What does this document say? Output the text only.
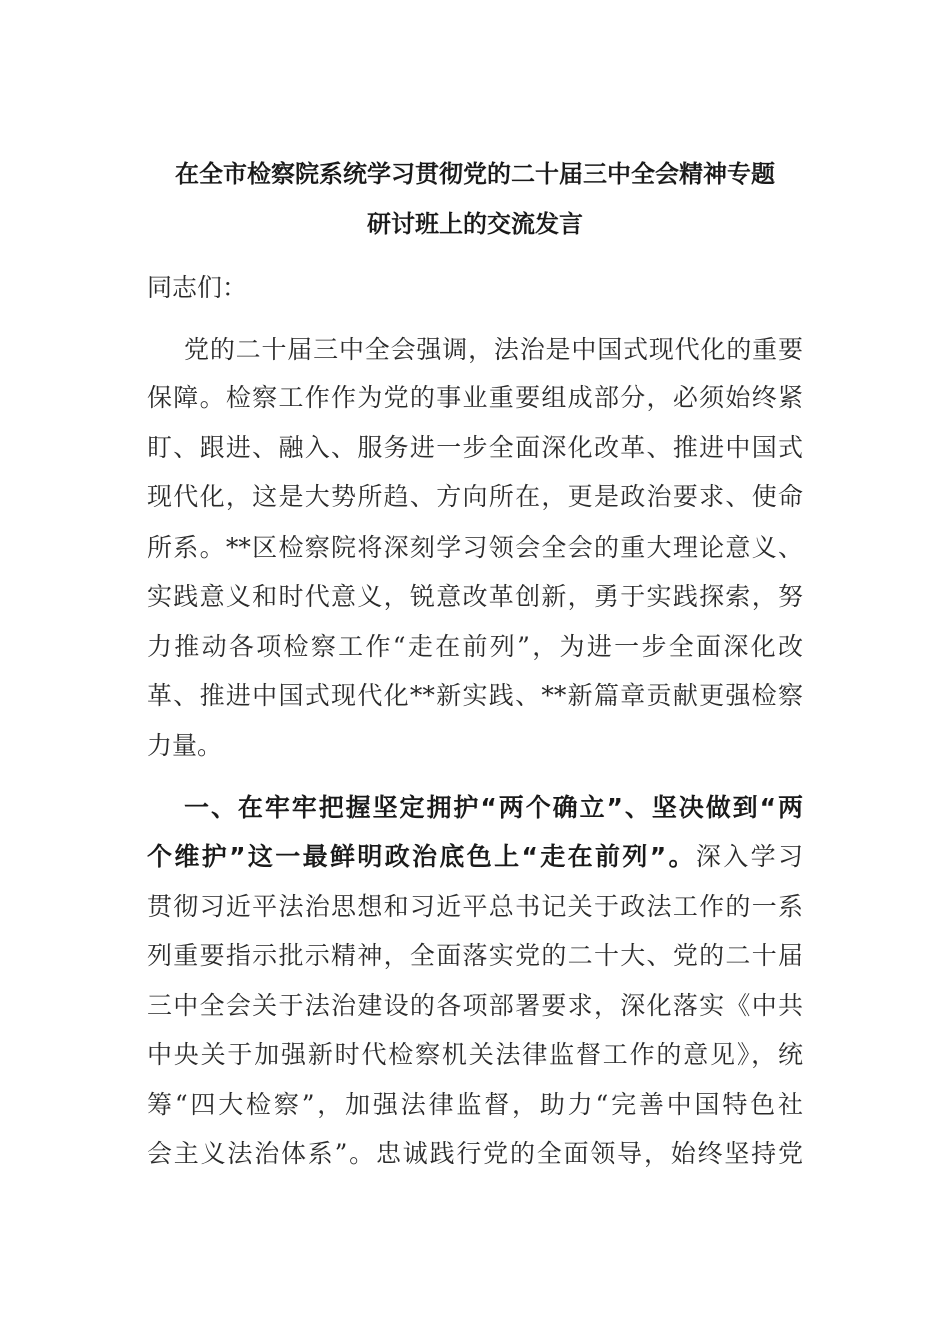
在全市检察院系统学习贯彻党的二十届三中全会精神专题
研讨班上的交流发言
同志们：
党的二十届三中全会强调，法治是中国式现代化的重要
保障。检察工作作为党的事业重要组成部分，必须始终紧
盯、跟进、融入、服务进一步全面深化改革、推进中国式
现代化，这是大势所趋、方向所在，更是政治要求、使命
所系。**区检察院将深刻学习领会全会的重大理论意义、
实践意义和时代意义，锐意改革创新，勇于实践探索，努
力推动各项检察工作“走在前列”，为进一步全面深化改
革、推进中国式现代化**新实践、**新篇章贡献更强检察
力量。
一、在牢牢把握坚定拥护“两个确立”、坚决做到“两
个维护”这一最鲜明政治底色上“走在前列”。深入学习
贯彻习近平法治思想和习近平总书记关于政法工作的一系
列重要指示批示精神，全面落实党的二十大、党的二十届
三中全会关于法治建设的各项部署要求，深化落实《中共
中央关于加强新时代检察机关法律监督工作的意见》，统
筹“四大检察”，加强法律监督，助力“完善中国特色社
会主义法治体系”。忠诚践行党的全面领导，始终坚持党
